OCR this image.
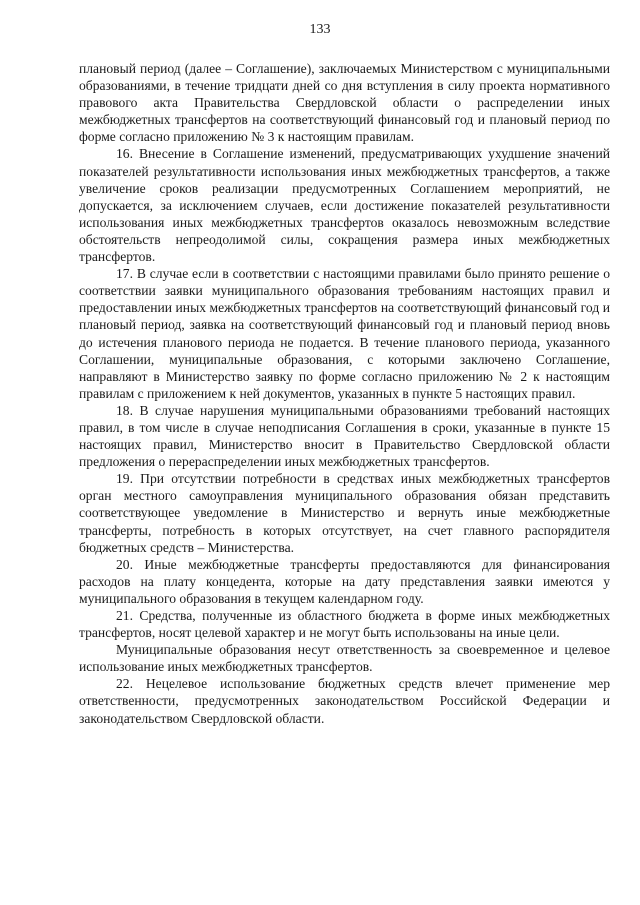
133

плановый период (далее – Соглашение), заключаемых Министерством с муниципальными образованиями, в течение тридцати дней со дня вступления в силу проекта нормативного правового акта Правительства Свердловской области о распределении иных межбюджетных трансфертов на соответствующий финансовый год и плановый период по форме согласно приложению № 3 к настоящим правилам.

16. Внесение в Соглашение изменений, предусматривающих ухудшение значений показателей результативности использования иных межбюджетных трансфертов, а также увеличение сроков реализации предусмотренных Соглашением мероприятий, не допускается, за исключением случаев, если достижение показателей результативности использования иных межбюджетных трансфертов оказалось невозможным вследствие обстоятельств непреодолимой силы, сокращения размера иных межбюджетных трансфертов.

17. В случае если в соответствии с настоящими правилами было принято решение о соответствии заявки муниципального образования требованиям настоящих правил и предоставлении иных межбюджетных трансфертов на соответствующий финансовый год и плановый период, заявка на соответствующий финансовый год и плановый период вновь до истечения планового периода не подается. В течение планового периода, указанного Соглашении, муниципальные образования, с которыми заключено Соглашение, направляют в Министерство заявку по форме согласно приложению № 2 к настоящим правилам с приложением к ней документов, указанных в пункте 5 настоящих правил.

18. В случае нарушения муниципальными образованиями требований настоящих правил, в том числе в случае неподписания Соглашения в сроки, указанные в пункте 15 настоящих правил, Министерство вносит в Правительство Свердловской области предложения о перераспределении иных межбюджетных трансфертов.

19. При отсутствии потребности в средствах иных межбюджетных трансфертов орган местного самоуправления муниципального образования обязан представить соответствующее уведомление в Министерство и вернуть иные межбюджетные трансферты, потребность в которых отсутствует, на счет главного распорядителя бюджетных средств – Министерства.

20. Иные межбюджетные трансферты предоставляются для финансирования расходов на плату концедента, которые на дату представления заявки имеются у муниципального образования в текущем календарном году.

21. Средства, полученные из областного бюджета в форме иных межбюджетных трансфертов, носят целевой характер и не могут быть использованы на иные цели.

Муниципальные образования несут ответственность за своевременное и целевое использование иных межбюджетных трансфертов.

22. Нецелевое использование бюджетных средств влечет применение мер ответственности, предусмотренных законодательством Российской Федерации и законодательством Свердловской области.
